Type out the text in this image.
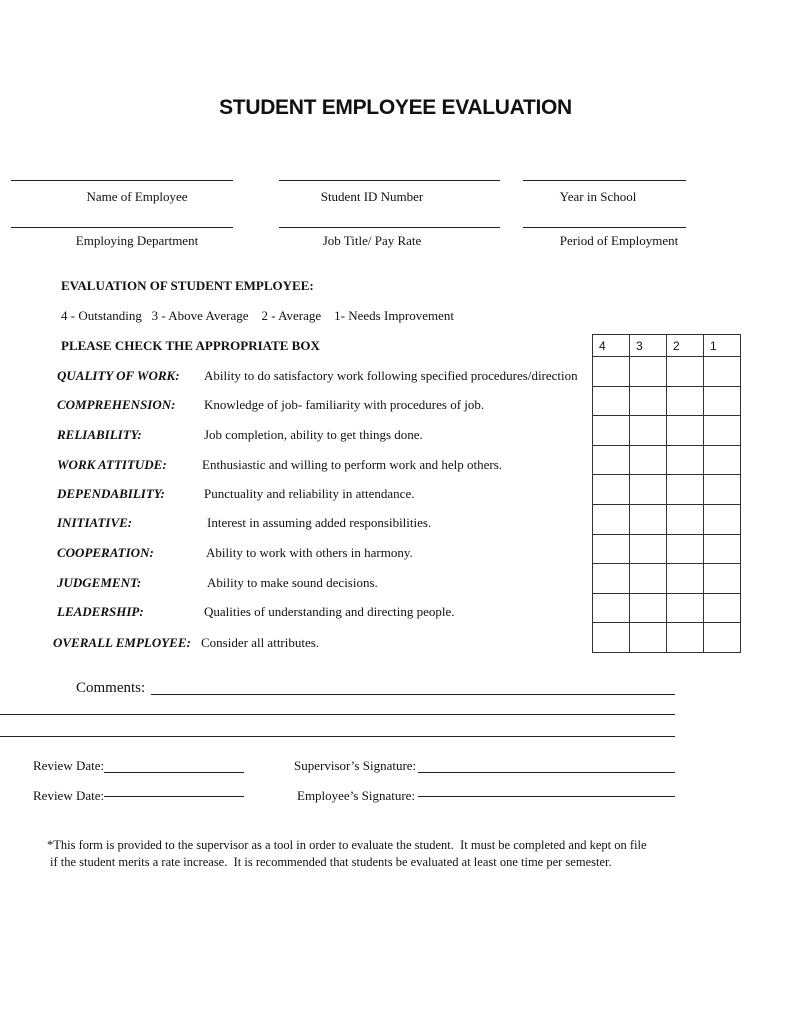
STUDENT EMPLOYEE EVALUATION
Name of Employee	Student ID Number	Year in School
Employing Department	Job Title/ Pay Rate	Period of Employment
EVALUATION OF STUDENT EMPLOYEE:
4 - Outstanding   3 - Above Average    2 - Average    1- Needs Improvement
PLEASE CHECK THE APPROPRIATE BOX
QUALITY OF WORK: Ability to do satisfactory work following specified procedures/direction
COMPREHENSION: Knowledge of job- familiarity with procedures of job.
RELIABILITY:	Job completion, ability to get things done.
WORK ATTITUDE:	Enthusiastic and willing to perform work and help others.
DEPENDABILITY:	Punctuality and reliability in attendance.
INITIATIVE:	Interest in assuming added responsibilities.
COOPERATION:	Ability to work with others in harmony.
JUDGEMENT:	Ability to make sound decisions.
LEADERSHIP:	Qualities of understanding and directing people.
OVERALL EMPLOYEE: Consider all attributes.
4	3	2	1

Comments:
Review Date:	Supervisor’s Signature:
Review Date:	Employee’s Signature:
*This form is provided to the supervisor as a tool in order to evaluate the student.  It must be completed and kept on file
if the student merits a rate increase.  It is recommended that students be evaluated at least one time per semester.
